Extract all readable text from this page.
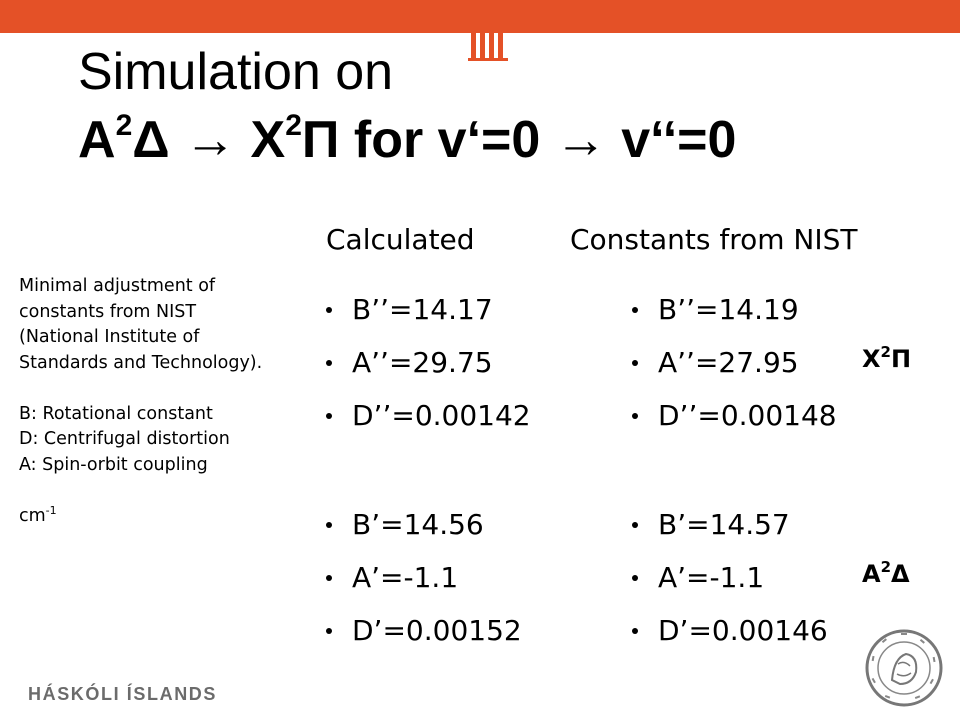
Simulation on
$A^2\Delta \to X^2\Pi$ for v‘=0 → v‘‘=0
Calculated	Constants from NIST

Minimal adjustment of

constants from NIST

(National Institute of

Standards and Technology).

B: Rotational constant

D: Centrifugal distortion

A: Spin-orbit coupling

$cm^{-1}$

B’’=14.17
A’’=29.75
D’’=0.00142
B’=14.56
A’=-1.1
D’=0.00152
B’’=14.19
A’’=27.95
D’’=0.00148
B’=14.57
A’=-1.1
D’=0.00146
$X^2\Pi$
$A^2\Delta$
HÁSKÓLI ÍSLANDS
